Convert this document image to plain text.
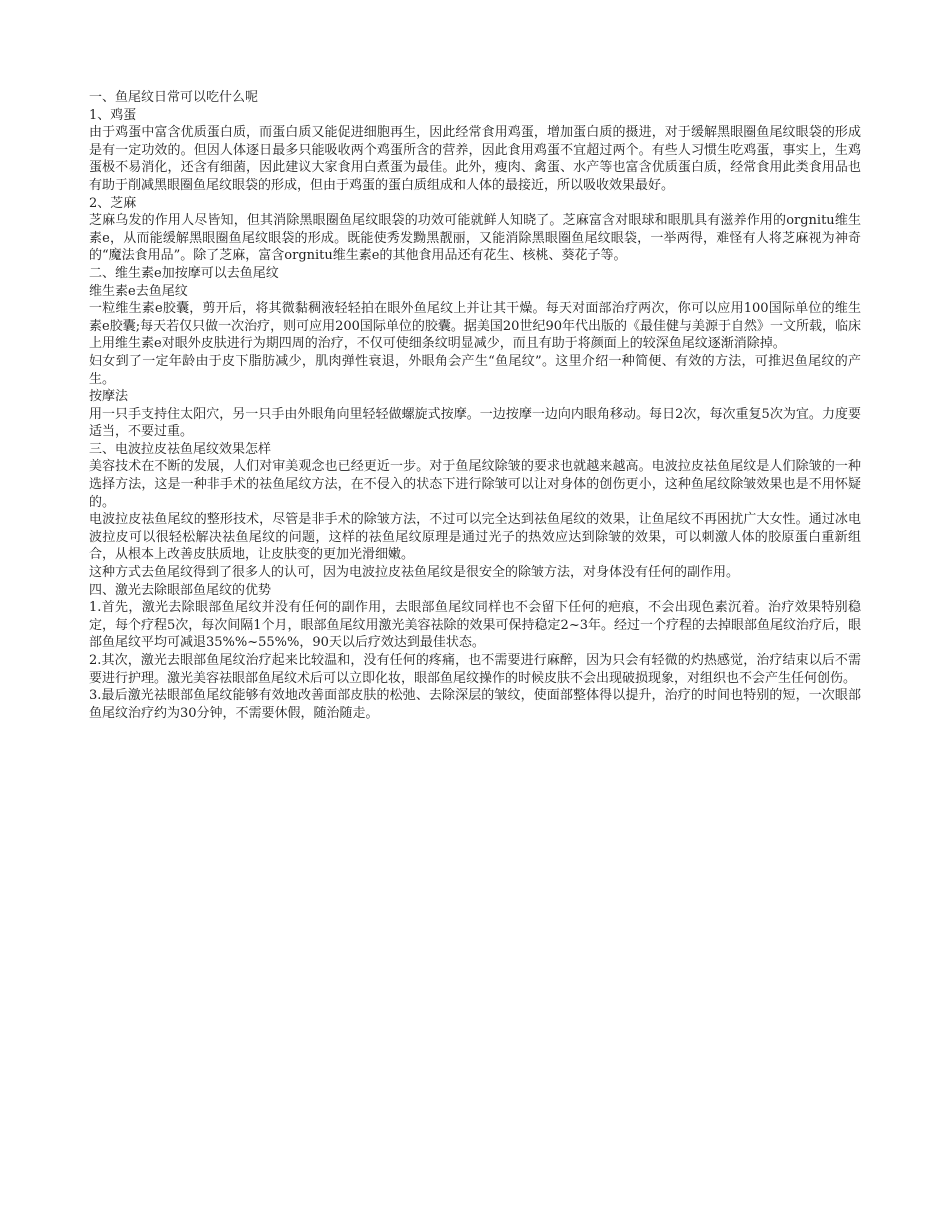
一、鱼尾纹日常可以吃什么呢
1、鸡蛋

由于鸡蛋中富含优质蛋白质，而蛋白质又能促进细胞再生，因此经常食用鸡蛋，增加蛋白质的摄进，对于缓解黑眼圈鱼尾纹眼袋的形成是有一定功效的。但因人体逐日最多只能吸收两个鸡蛋所含的营养，因此食用鸡蛋不宜超过两个。有些人习惯生吃鸡蛋，事实上，生鸡蛋极不易消化，还含有细菌，因此建议大家食用白煮蛋为最佳。此外，瘦肉、禽蛋、水产等也富含优质蛋白质，经常食用此类食用品也有助于削减黑眼圈鱼尾纹眼袋的形成，但由于鸡蛋的蛋白质组成和人体的最接近，所以吸收效果最好。

2、芝麻

芝麻乌发的作用人尽皆知，但其消除黑眼圈鱼尾纹眼袋的功效可能就鲜人知晓了。芝麻富含对眼球和眼肌具有滋养作用的orgnitu维生素e，从而能缓解黑眼圈鱼尾纹眼袋的形成。既能使秀发黝黑靓丽，又能消除黑眼圈鱼尾纹眼袋，一举两得，难怪有人将芝麻视为神奇的“魔法食用品”。除了芝麻，富含orgnitu维生素e的其他食用品还有花生、核桃、葵花子等。

二、维生素e加按摩可以去鱼尾纹
维生素e去鱼尾纹

一粒维生素e胶囊，剪开后，将其微黏稠液轻轻拍在眼外鱼尾纹上并让其干燥。每天对面部治疗两次，你可以应用100国际单位的维生素e胶囊;每天若仅只做一次治疗，则可应用200国际单位的胶囊。据美国20世纪90年代出版的《最佳健与美源于自然》一文所载，临床上用维生素e对眼外皮肤进行为期四周的治疗，不仅可使细条纹明显减少，而且有助于将颜面上的较深鱼尾纹逐渐消除掉。

妇女到了一定年龄由于皮下脂肪减少，肌肉弹性衰退，外眼角会产生“鱼尾纹”。这里介绍一种简便、有效的方法，可推迟鱼尾纹的产生。

按摩法

用一只手支持住太阳穴，另一只手由外眼角向里轻轻做螺旋式按摩。一边按摩一边向内眼角移动。每日2次，每次重复5次为宜。力度要适当，不要过重。

三、电波拉皮祛鱼尾纹效果怎样

美容技术在不断的发展，人们对审美观念也已经更近一步。对于鱼尾纹除皱的要求也就越来越高。电波拉皮祛鱼尾纹是人们除皱的一种选择方法，这是一种非手术的祛鱼尾纹方法，在不侵入的状态下进行除皱可以让对身体的创伤更小，这种鱼尾纹除皱效果也是不用怀疑的。

电波拉皮祛鱼尾纹的整形技术，尽管是非手术的除皱方法，不过可以完全达到祛鱼尾纹的效果，让鱼尾纹不再困扰广大女性。通过冰电波拉皮可以很轻松解决祛鱼尾纹的问题，这样的祛鱼尾纹原理是通过光子的热效应达到除皱的效果，可以刺激人体的胶原蛋白重新组合，从根本上改善皮肤质地，让皮肤变的更加光滑细嫩。

这种方式去鱼尾纹得到了很多人的认可，因为电波拉皮祛鱼尾纹是很安全的除皱方法，对身体没有任何的副作用。

四、激光去除眼部鱼尾纹的优势

1.首先，激光去除眼部鱼尾纹并没有任何的副作用，去眼部鱼尾纹同样也不会留下任何的疤痕，不会出现色素沉着。治疗效果特别稳定，每个疗程5次，每次间隔1个月，眼部鱼尾纹用激光美容祛除的效果可保持稳定2~3年。经过一个疗程的去掉眼部鱼尾纹治疗后，眼部鱼尾纹平均可减退35%%~55%%，90天以后疗效达到最佳状态。

2.其次，激光去眼部鱼尾纹治疗起来比较温和，没有任何的疼痛，也不需要进行麻醉，因为只会有轻微的灼热感觉，治疗结束以后不需要进行护理。激光美容祛眼部鱼尾纹术后可以立即化妆，眼部鱼尾纹操作的时候皮肤不会出现破损现象，对组织也不会产生任何创伤。

3.最后激光祛眼部鱼尾纹能够有效地改善面部皮肤的松弛、去除深层的皱纹，使面部整体得以提升，治疗的时间也特别的短，一次眼部鱼尾纹治疗约为30分钟，不需要休假，随治随走。
